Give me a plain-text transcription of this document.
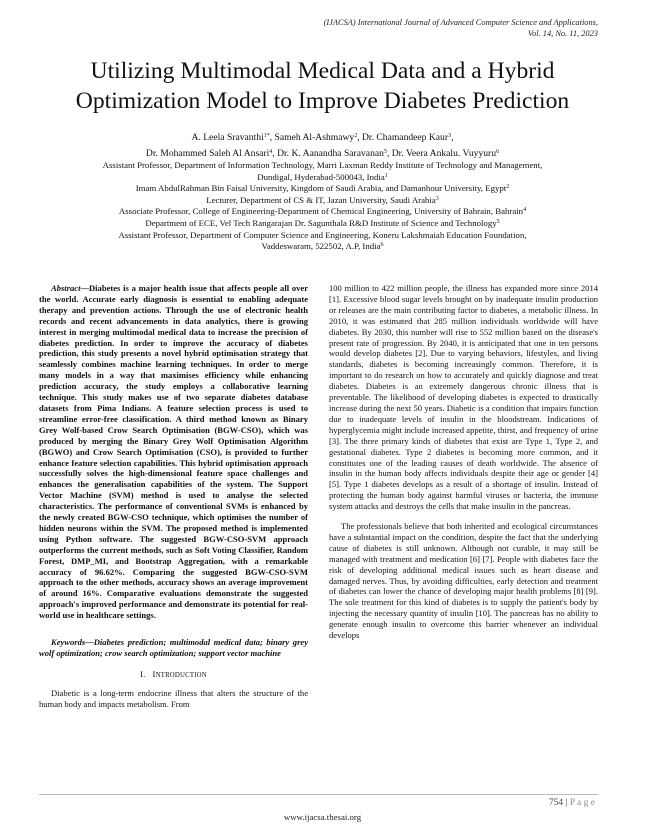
(IJACSA) International Journal of Advanced Computer Science and Applications,
Vol. 14, No. 11, 2023
Utilizing Multimodal Medical Data and a Hybrid
Optimization Model to Improve Diabetes Prediction
A. Leela Sravanthi$^{1*}$, Sameh Al-Ashmawy$^2$, Dr. Chamandeep Kaur$^3$,
Dr. Mohammed Saleh Al Ansari$^4$, Dr. K. Aanandha Saravanan$^5$, Dr. Veera Ankalu. Vuyyuru$^6$
Assistant Professor, Department of Information Technology, Marri Laxman Reddy Institute of Technology and Management,
Dundigal, Hyderabad-500043, India$^1$
Imam AbdulRahman Bin Faisal University, Kingdom of Saudi Arabia, and Damanhour University, Egypt$^2$
Lecturer, Department of CS & IT, Jazan University, Saudi Arabia$^3$
Associate Professor, College of Engineering-Department of Chemical Engineering, University of Bahrain, Bahrain$^4$
Department of ECE, Vel Tech Rangarajan Dr. Sagunthala R&D Institute of Science and Technology$^5$
Assistant Professor, Department of Computer Science and Engineering, Koneru Lakshmaiah Education Foundation,
Vaddeswaram, 522502, A.P, India$^6$

Abstract—Diabetes is a major health issue that affects people all over the world. Accurate early diagnosis is essential to enabling adequate therapy and prevention actions. Through the use of electronic health records and recent advancements in data analytics, there is growing interest in merging multimodal medical data to increase the precision of diabetes prediction. In order to improve the accuracy of diabetes prediction, this study presents a novel hybrid optimisation strategy that seamlessly combines machine learning techniques. In order to merge many models in a way that maximises efficiency while enhancing prediction accuracy, the study employs a collaborative learning technique. This study makes use of two separate diabetes database datasets from Pima Indians. A feature selection process is used to streamline error-free classification. A third method known as Binary Grey Wolf-based Crow Search Optimisation (BGW-CSO), which was produced by merging the Binary Grey Wolf Optimisation Algorithm (BGWO) and Crow Search Optimisation (CSO), is provided to further enhance feature selection capabilities. This hybrid optimisation approach successfully solves the high-dimensional feature space challenges and enhances the generalisation capabilities of the system. The Support Vector Machine (SVM) method is used to analyse the selected characteristics. The performance of conventional SVMs is enhanced by the newly created BGW-CSO technique, which optimises the number of hidden neurons within the SVM. The proposed method is implemented using Python software. The suggested BGW-CSO-SVM approach outperforms the current methods, such as Soft Voting Classifier, Random Forest, DMP_MI, and Bootstrap Aggregation, with a remarkable accuracy of 96.62%. Comparing the suggested BGW-CSO-SVM approach to the other methods, accuracy shows an average improvement of around 16%. Comparative evaluations demonstrate the suggested approach's improved performance and demonstrate its potential for real-world use in healthcare settings.

Keywords—Diabetes prediction; multimodal medical data; binary grey wolf optimization; crow search optimization; support vector machine

I. INTRODUCTION

Diabetic is a long-term endocrine illness that alters the structure of the human body and impacts metabolism. From

100 million to 422 million people, the illness has expanded more since 2014 [1]. Excessive blood sugar levels brought on by inadequate insulin production or releases are the main contributing factor to diabetes, a metabolic illness. In 2010, it was estimated that 285 million individuals worldwide will have diabetes. By 2030, this number will rise to 552 million based on the disease's present rate of progression. By 2040, it is anticipated that one in ten persons would develop diabetes [2]. Due to varying behaviors, lifestyles, and living standards, diabetes is becoming increasingly common. Therefore, it is important to do research on how to accurately and quickly diagnose and treat diabetes. Diabetes is an extremely dangerous chronic illness that is preventable. The likelihood of developing diabetes is expected to drastically increase during the next 50 years. Diabetic is a condition that impairs function due to inadequate levels of insulin in the bloodstream. Indications of hyperglycemia might include increased appetite, thirst, and frequency of urine [3]. The three primary kinds of diabetes that exist are Type 1, Type 2, and gestational diabetes. Type 2 diabetes is becoming more common, and it constitutes one of the leading causes of death worldwide. The absence of insulin in the human body affects individuals despite their age or gender [4] [5]. Type 1 diabetes develops as a result of a shortage of insulin. Instead of protecting the human body against harmful viruses or bacteria, the immune system attacks and destroys the cells that make insulin in the pancreas.

The professionals believe that both inherited and ecological circumstances have a substantial impact on the condition, despite the fact that the underlying cause of diabetes is still unknown. Although not curable, it may still be managed with treatment and medication [6] [7]. People with diabetes face the risk of developing additional medical issues such as heart disease and damaged nerves. Thus, by avoiding difficulties, early detection and treatment of diabetes can lower the chance of developing major health problems [8] [9]. The sole treatment for this kind of diabetes is to supply the patient's body by injecting the necessary quantity of insulin [10]. The pancreas has no ability to generate enough insulin to overcome this barrier whenever an individual develops

754 | P a g e
www.ijacsa.thesai.org
